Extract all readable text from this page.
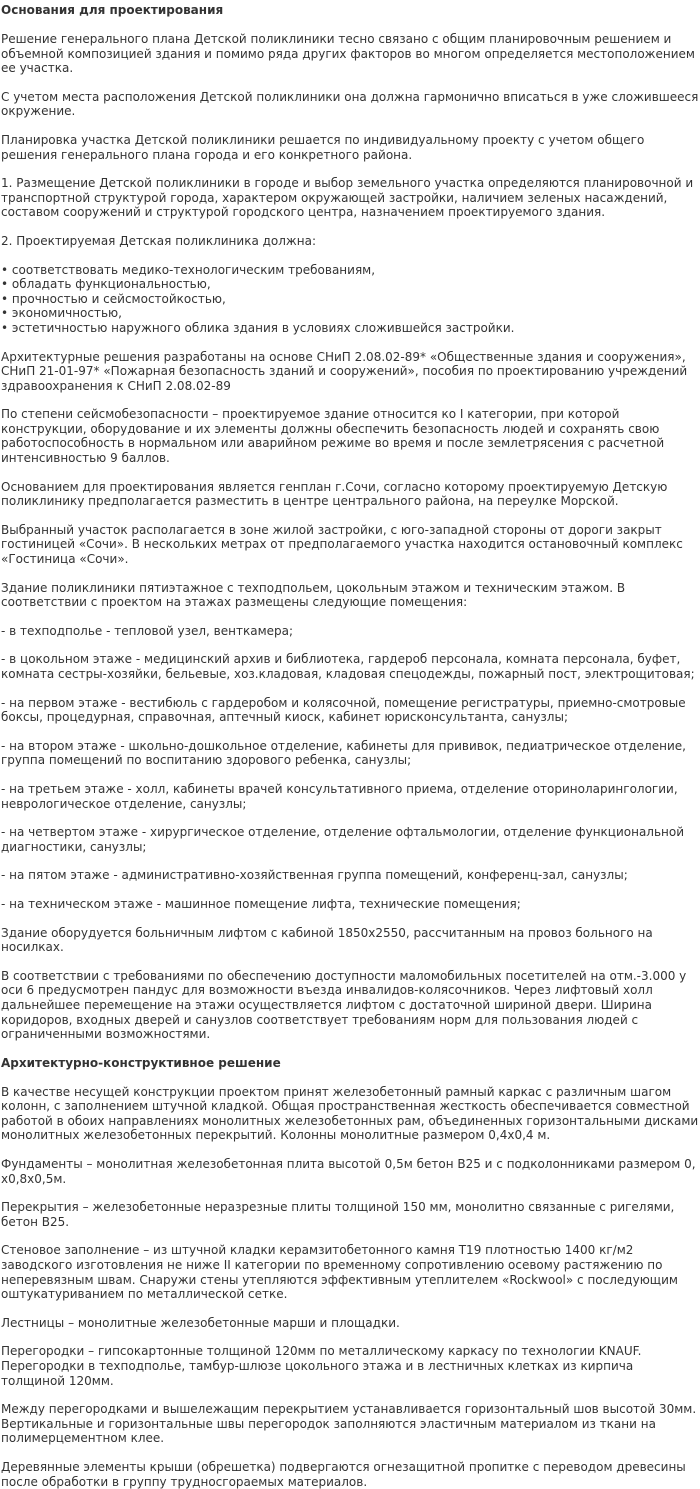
Основания для проектирования

Решение генерального плана Детской поликлиники тесно связано с общим планировочным решением и объемной композицией здания и помимо ряда других факторов во многом определяется местоположением ее участка.

С учетом места расположения Детской поликлиники она должна гармонично вписаться в уже сложившееся окружение.

Планировка участка Детской поликлиники решается по индивидуальному проекту с учетом общего решения генерального плана города и его конкретного района.

1. Размещение Детской поликлиники в городе и выбор земельного участка определяются планировочной и транспортной структурой города, характером окружающей застройки, наличием зеленых насаждений, составом сооружений и структурой городского центра, назначением проектируемого здания.

2. Проектируемая Детская поликлиника должна:

• соответствовать медико-технологическим требованиям,
• обладать функциональностью,
• прочностью и сейсмостойкостью,
• экономичностью,
• эстетичностью наружного облика здания в условиях сложившейся застройки.

Архитектурные решения разработаны на основе СНиП 2.08.02-89* «Общественные здания и сооружения», СНиП 21-01-97* «Пожарная безопасность зданий и сооружений», пособия по проектированию учреждений здравоохранения к СНиП 2.08.02-89

По степени сейсмобезопасности – проектируемое здание относится ко I категории, при которой конструкции, оборудование и их элементы должны обеспечить безопасность людей и сохранять свою работоспособность в нормальном или аварийном режиме во время и после землетрясения с расчетной интенсивностью 9 баллов.

Основанием для проектирования является генплан г.Сочи, согласно которому проектируемую Детскую поликлинику предполагается разместить в центре центрального района, на переулке Морской.

Выбранный участок располагается в зоне жилой застройки, с юго-западной стороны от дороги закрыт гостиницей «Сочи». В нескольких метрах от предполагаемого участка находится остановочный комплекс «Гостиница «Сочи».

Здание поликлиники пятиэтажное с техподпольем, цокольным этажом и техническим этажом. В соответствии с проектом на этажах размещены следующие помещения:

- в техподполье - тепловой узел, венткамера;

- в цокольном этаже - медицинский архив и библиотека, гардероб персонала, комната персонала, буфет, комната сестры-хозяйки, бельевые, хоз.кладовая, кладовая спецодежды, пожарный пост, электрощитовая;

- на первом этаже - вестибюль с гардеробом и колясочной, помещение регистратуры, приемно-смотровые боксы, процедурная, справочная, аптечный киоск, кабинет юрисконсультанта, санузлы;

- на втором этаже - школьно-дошкольное отделение, кабинеты для прививок, педиатрическое отделение, группа помещений по воспитанию здорового ребенка, санузлы;

- на третьем этаже - холл, кабинеты врачей консультативного приема, отделение оториноларингологии, неврологическое отделение, санузлы;

- на четвертом этаже - хирургическое отделение, отделение офтальмологии, отделение функциональной диагностики, санузлы;

- на пятом этаже - административно-хозяйственная группа помещений, конференц-зал, санузлы;

- на техническом этаже - машинное помещение лифта, технические помещения;

Здание оборудуется больничным лифтом с кабиной 1850х2550, рассчитанным на провоз больного на носилках.

В соответствии с требованиями по обеспечению доступности маломобильных посетителей на отм.-3.000 у оси 6 предусмотрен пандус для возможности въезда инвалидов-колясочников. Через лифтовый холл дальнейшее перемещение на этажи осуществляется лифтом с достаточной шириной двери. Ширина коридоров, входных дверей и санузлов соответствует требованиям норм для пользования людей с ограниченными возможностями.

Архитектурно-конструктивное решение

В качестве несущей конструкции проектом принят железобетонный рамный каркас с различным шагом колонн, с заполнением штучной кладкой. Общая пространственная жесткость обеспечивается совместной работой в обоих направлениях монолитных железобетонных рам, объединенных горизонтальными дисками монолитных железобетонных перекрытий. Колонны монолитные размером 0,4х0,4 м.

Фундаменты – монолитная железобетонная плита высотой 0,5м бетон В25 и с подколонниками размером 0, х0,8х0,5м.

Перекрытия – железобетонные неразрезные плиты толщиной 150 мм, монолитно связанные с ригелями, бетон В25.

Стеновое заполнение – из штучной кладки керамзитобетонного камня Т19 плотностью 1400 кг/м2 заводского изготовления не ниже II категории по временному сопротивлению осевому растяжению по неперевязным швам. Снаружи стены утепляются эффективным утеплителем «Rockwool» с последующим оштукатуриванием по металлической сетке.

Лестницы – монолитные железобетонные марши и площадки.

Перегородки – гипсокартонные толщиной 120мм по металлическому каркасу по технологии KNAUF. Перегородки в техподполье, тамбур-шлюзе цокольного этажа и в лестничных клетках из кирпича толщиной 120мм.

Между перегородками и вышележащим перекрытием устанавливается горизонтальный шов высотой 30мм. Вертикальные и горизонтальные швы перегородок заполняются эластичным материалом из ткани на полимерцементном клее.

Деревянные элементы крыши (обрешетка) подвергаются огнезащитной пропитке с переводом древесины после обработки в группу трудносгораемых материалов.
